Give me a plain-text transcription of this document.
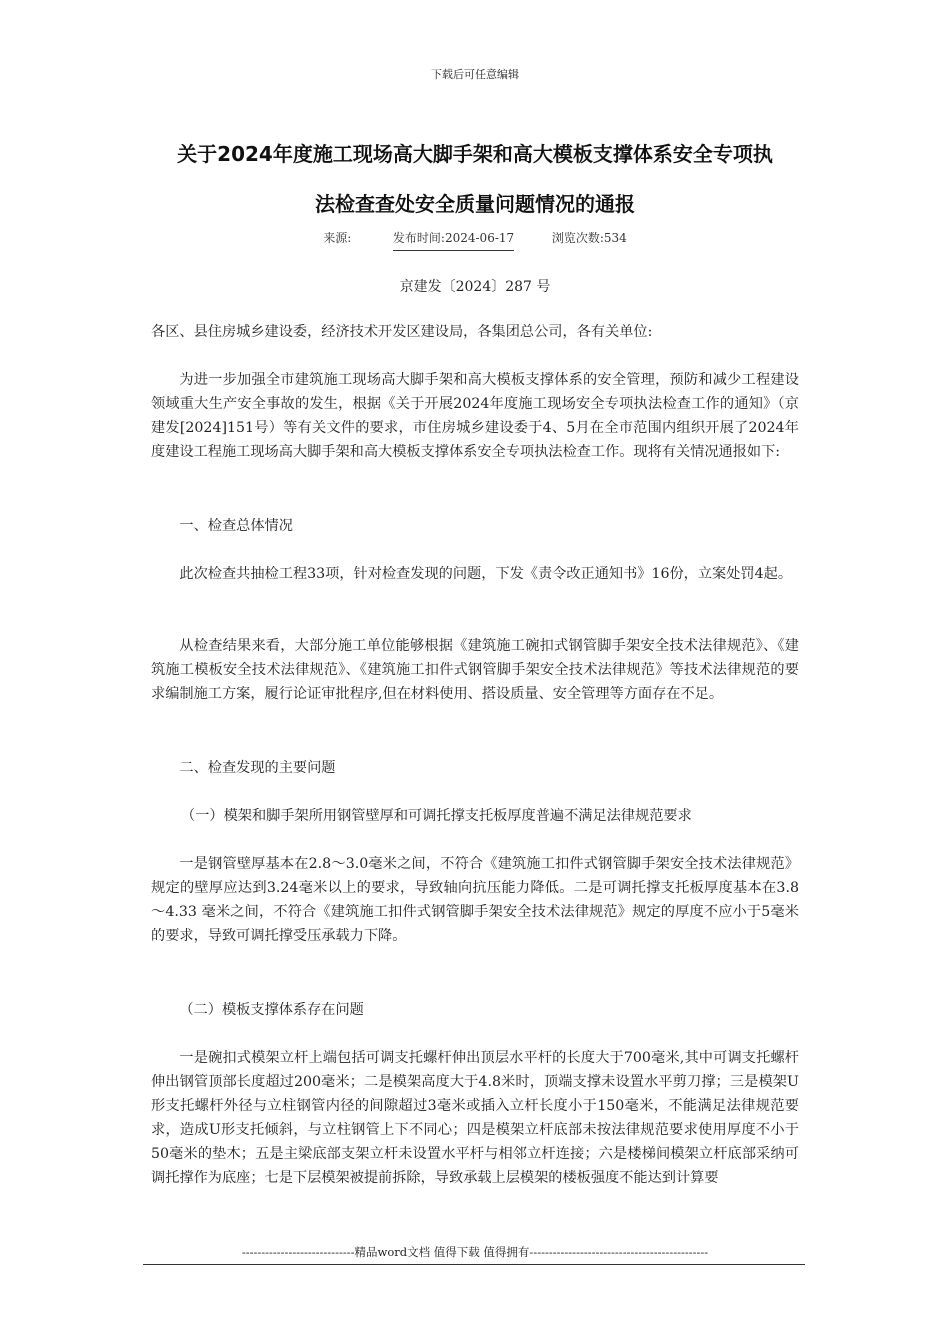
下载后可任意编辑
关于2024年度施工现场高大脚手架和高大模板支撑体系安全专项执
法检查查处安全质量问题情况的通报
来源:	发布时间:2024-06-17	浏览次数:534
京建发〔2024〕287 号
各区、县住房城乡建设委，经济技术开发区建设局，各集团总公司，各有关单位:
为进一步加强全市建筑施工现场高大脚手架和高大模板支撑体系的安全管理，预防和减少工程建设领域重大生产安全事故的发生，根据《关于开展2024年度施工现场安全专项执法检查工作的通知》（京建发[2024]151号）等有关文件的要求，市住房城乡建设委于4、5月在全市范围内组织开展了2024年度建设工程施工现场高大脚手架和高大模板支撑体系安全专项执法检查工作。现将有关情况通报如下:
一、检查总体情况
此次检查共抽检工程33项，针对检查发现的问题，下发《责令改正通知书》16份，立案处罚4起。
从检查结果来看，大部分施工单位能够根据《建筑施工碗扣式钢管脚手架安全技术法律规范》、《建筑施工模板安全技术法律规范》、《建筑施工扣件式钢管脚手架安全技术法律规范》等技术法律规范的要求编制施工方案，履行论证审批程序,但在材料使用、搭设质量、安全管理等方面存在不足。
二、检查发现的主要问题
（一）模架和脚手架所用钢管壁厚和可调托撑支托板厚度普遍不满足法律规范要求
一是钢管壁厚基本在2.8～3.0毫米之间，不符合《建筑施工扣件式钢管脚手架安全技术法律规范》规定的壁厚应达到3.24毫米以上的要求，导致轴向抗压能力降低。二是可调托撑支托板厚度基本在3.8～4.33 毫米之间，不符合《建筑施工扣件式钢管脚手架安全技术法律规范》规定的厚度不应小于5毫米的要求，导致可调托撑受压承载力下降。
（二）模板支撑体系存在问题
一是碗扣式模架立杆上端包括可调支托螺杆伸出顶层水平杆的长度大于700毫米,其中可调支托螺杆伸出钢管顶部长度超过200毫米；二是模架高度大于4.8米时，顶端支撑未设置水平剪刀撑；三是模架U形支托螺杆外径与立柱钢管内径的间隙超过3毫米或插入立杆长度小于150毫米，不能满足法律规范要求，造成U形支托倾斜，与立柱钢管上下不同心；四是模架立杆底部未按法律规范要求使用厚度不小于50毫米的垫木；五是主梁底部支架立杆未设置水平杆与相邻立杆连接；六是楼梯间模架立杆底部采纳可调托撑作为底座；七是下层模架被提前拆除，导致承载上层模架的楼板强度不能达到计算要
-----------------------------精品word文档 值得下载 值得拥有----------------------------------------------
